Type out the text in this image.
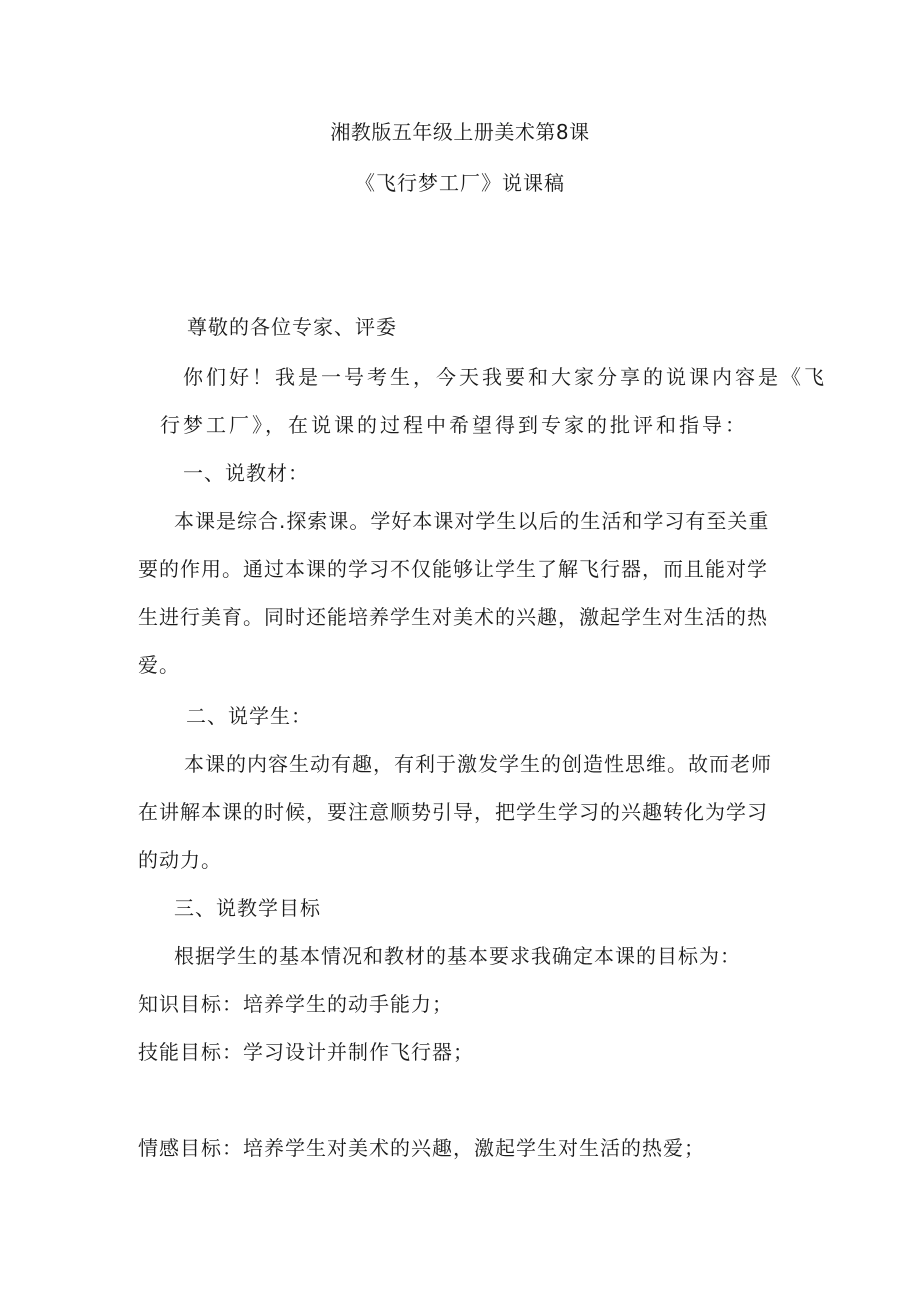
湘教版五年级上册美术第8课
《飞行梦工厂》说课稿
尊敬的各位专家、评委
你们好！我是一号考生，今天我要和大家分享的说课内容是《飞
行梦工厂》，在说课的过程中希望得到专家的批评和指导：
一、说教材：
本课是综合.探索课。学好本课对学生以后的生活和学习有至关重
要的作用。通过本课的学习不仅能够让学生了解飞行器，而且能对学
生进行美育。同时还能培养学生对美术的兴趣，激起学生对生活的热
爱。
二、说学生：
本课的内容生动有趣，有利于激发学生的创造性思维。故而老师
在讲解本课的时候，要注意顺势引导，把学生学习的兴趣转化为学习
的动力。
三、说教学目标
根据学生的基本情况和教材的基本要求我确定本课的目标为：
知识目标：培养学生的动手能力；
技能目标：学习设计并制作飞行器；
情感目标：培养学生对美术的兴趣，激起学生对生活的热爱；
